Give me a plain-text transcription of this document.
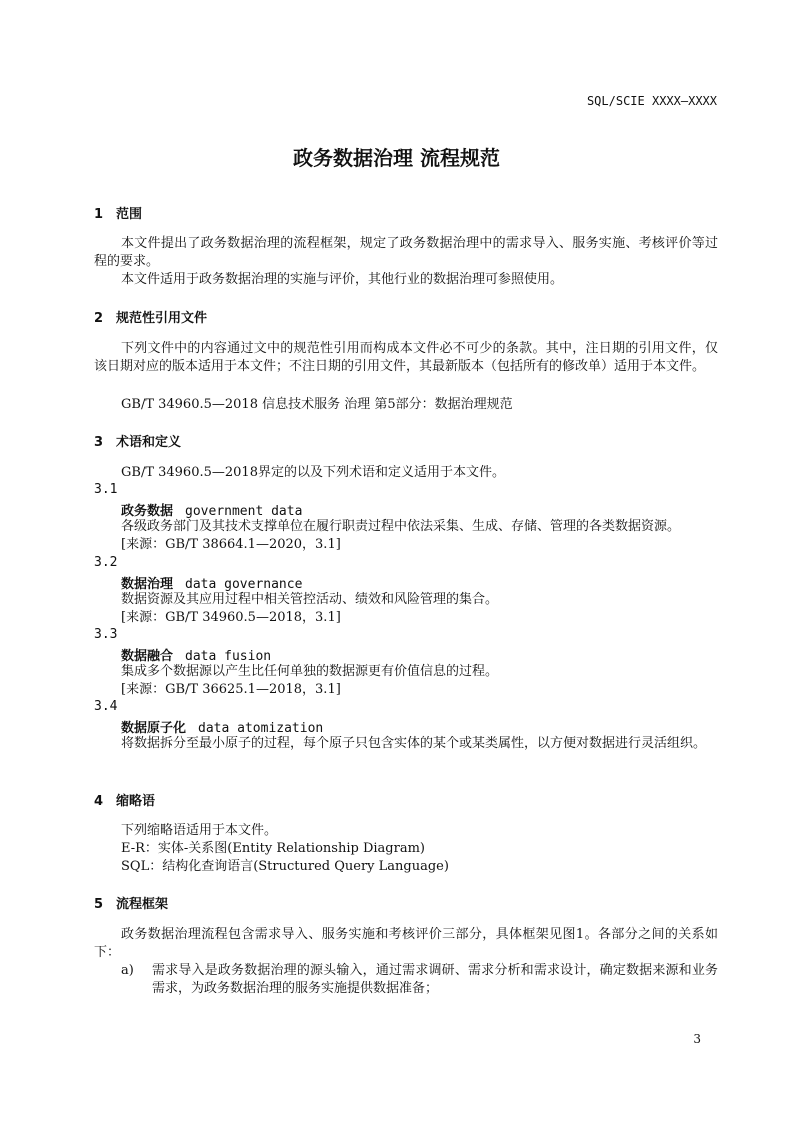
SQL/SCIE XXXX—XXXX
政务数据治理 流程规范
1 范围
本文件提出了政务数据治理的流程框架，规定了政务数据治理中的需求导入、服务实施、考核评价等过程的要求。
本文件适用于政务数据治理的实施与评价，其他行业的数据治理可参照使用。
2 规范性引用文件
下列文件中的内容通过文中的规范性引用而构成本文件必不可少的条款。其中，注日期的引用文件，仅该日期对应的版本适用于本文件；不注日期的引用文件，其最新版本（包括所有的修改单）适用于本文件。
GB/T 34960.5—2018 信息技术服务 治理 第5部分：数据治理规范
3 术语和定义
GB/T 34960.5—2018界定的以及下列术语和定义适用于本文件。
3.1
政务数据 government data
各级政务部门及其技术支撑单位在履行职责过程中依法采集、生成、存储、管理的各类数据资源。
[来源：GB/T 38664.1—2020，3.1]
3.2
数据治理 data governance
数据资源及其应用过程中相关管控活动、绩效和风险管理的集合。
[来源：GB/T 34960.5—2018，3.1]
3.3
数据融合 data fusion
集成多个数据源以产生比任何单独的数据源更有价值信息的过程。
[来源：GB/T 36625.1—2018，3.1]
3.4
数据原子化 data atomization
将数据拆分至最小原子的过程，每个原子只包含实体的某个或某类属性，以方便对数据进行灵活组织。
4 缩略语
下列缩略语适用于本文件。
E-R：实体-关系图(Entity Relationship Diagram)
SQL：结构化查询语言(Structured Query Language)
5 流程框架
政务数据治理流程包含需求导入、服务实施和考核评价三部分，具体框架见图1。各部分之间的关系如下：
a) 需求导入是政务数据治理的源头输入，通过需求调研、需求分析和需求设计，确定数据来源和业务需求，为政务数据治理的服务实施提供数据准备；
3
